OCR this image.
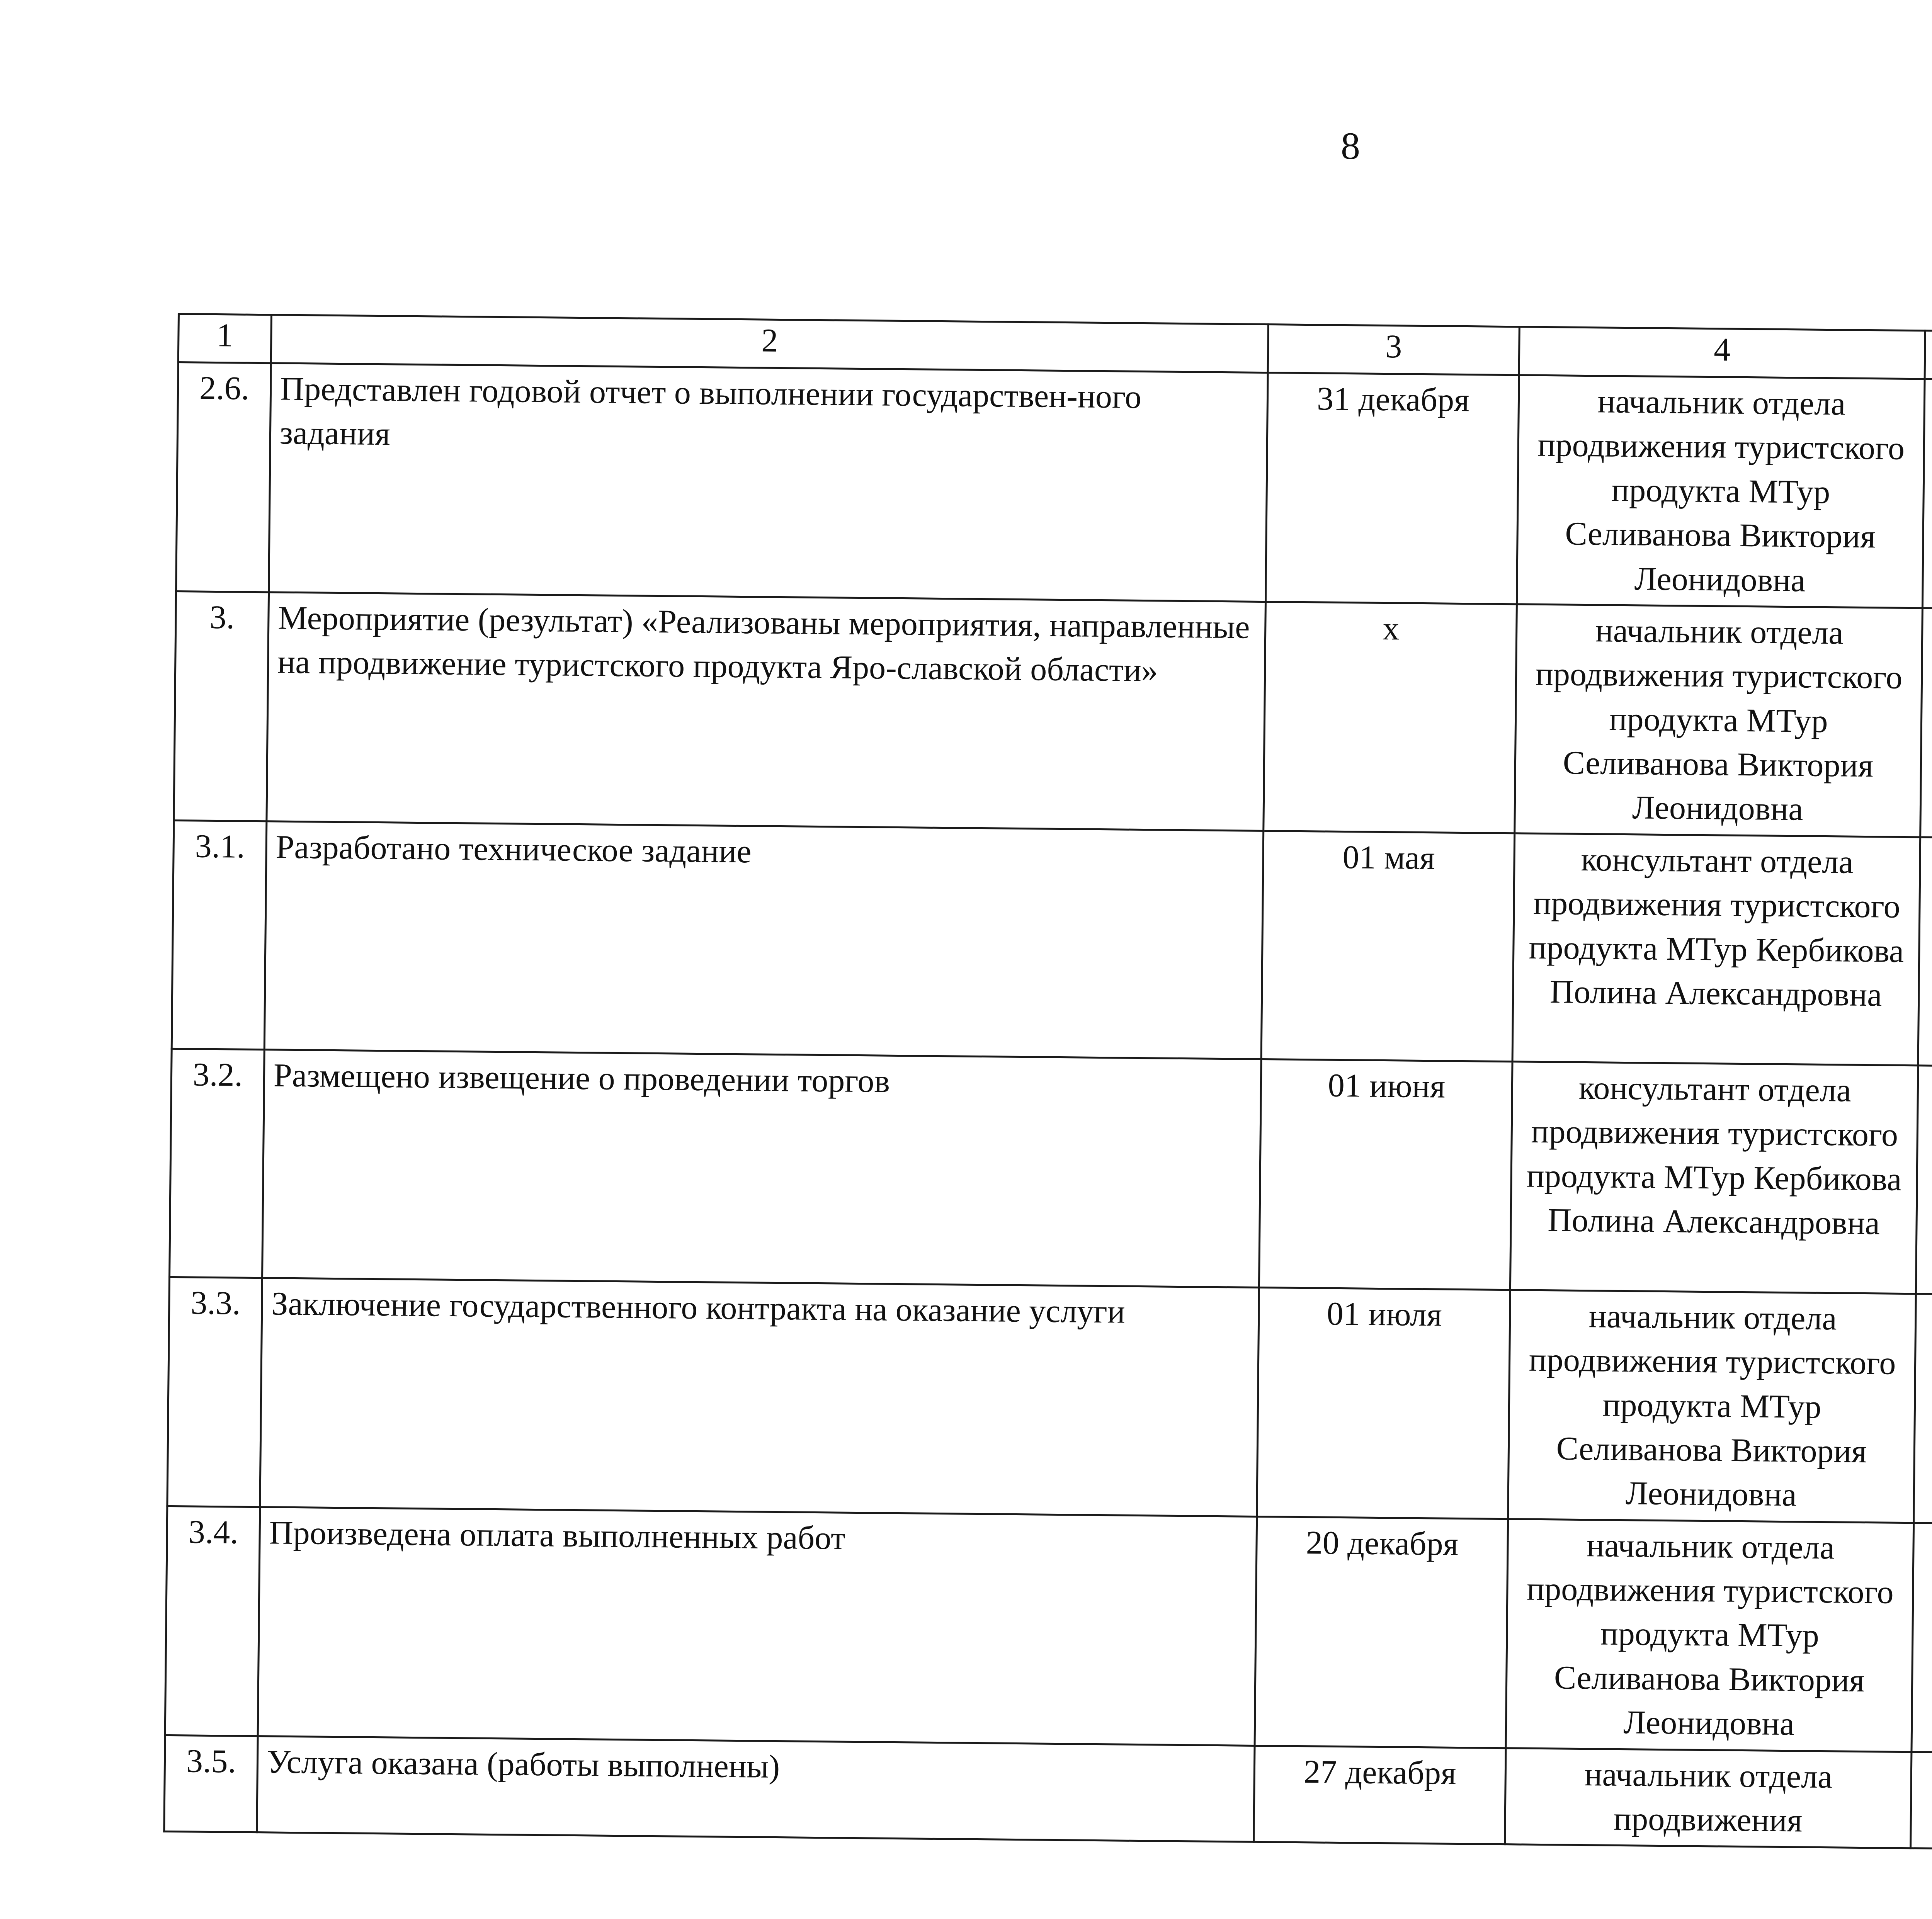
8
1	2	3	4		
2.6.	Представлен годовой отчет о выполнении государствен-ного задания	31 декабря	начальник отдела продвижения туристского продукта МТур Селиванова Виктория Леонидовна		
3.	Мероприятие (результат) «Реализованы мероприятия, направленные на продвижение туристского продукта Яро-славской области»	х	начальник отдела продвижения туристского продукта МТур Селиванова Виктория Леонидовна		
3.1.	Разработано техническое задание	01 мая	консультант отдела продвижения туристского продукта МТур Кербикова Полина Александровна		
3.2.	Размещено извещение о проведении торгов	01 июня	консультант отдела продвижения туристского продукта МТур Кербикова Полина Александровна		
3.3.	Заключение государственного контракта на оказание услуги	01 июля	начальник отдела продвижения туристского продукта МТур Селиванова Виктория Леонидовна		
3.4.	Произведена оплата выполненных работ	20 декабря	начальник отдела продвижения туристского продукта МТур Селиванова Виктория Леонидовна		
3.5.	Услуга оказана (работы выполнены)	27 декабря	начальник отдела продвижения		
